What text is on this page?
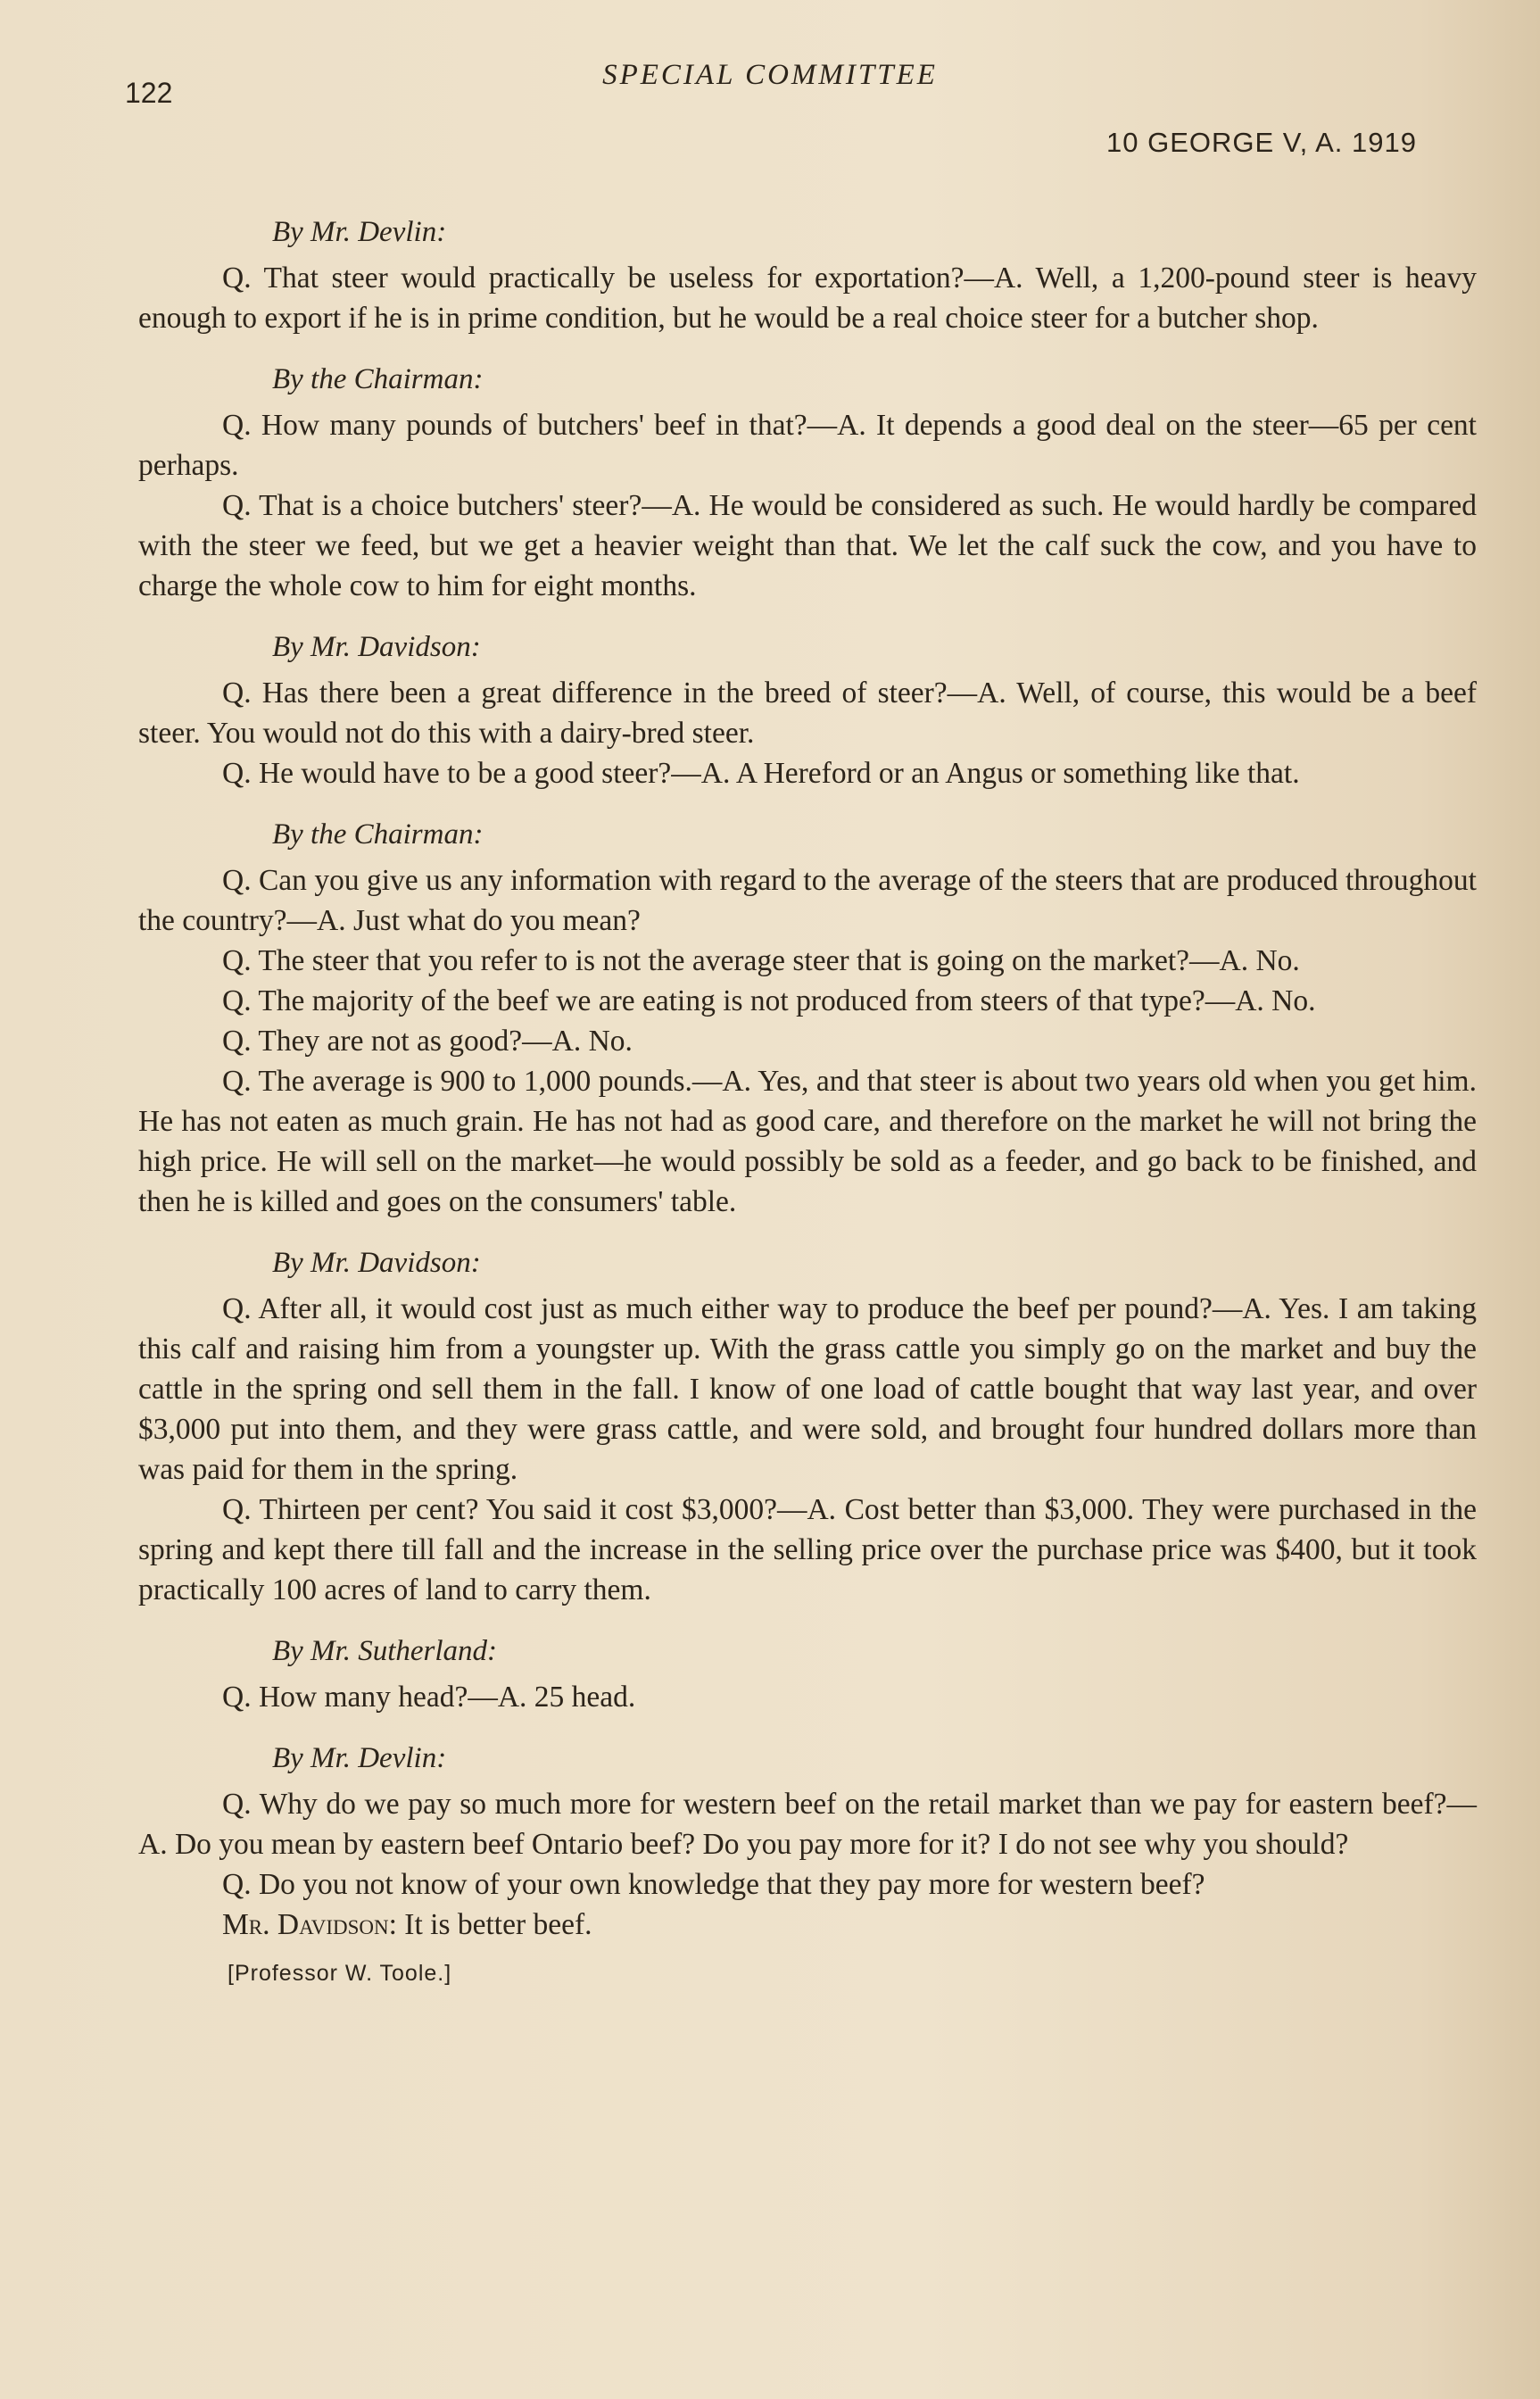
122
SPECIAL COMMITTEE
10 GEORGE V, A. 1919
By Mr. Devlin:

Q. That steer would practically be useless for exportation?—A. Well, a 1,200-pound steer is heavy enough to export if he is in prime condition, but he would be a real choice steer for a butcher shop.

By the Chairman:

Q. How many pounds of butchers' beef in that?—A. It depends a good deal on the steer—65 per cent perhaps.

Q. That is a choice butchers' steer?—A. He would be considered as such. He would hardly be compared with the steer we feed, but we get a heavier weight than that. We let the calf suck the cow, and you have to charge the whole cow to him for eight months.

By Mr. Davidson:

Q. Has there been a great difference in the breed of steer?—A. Well, of course, this would be a beef steer. You would not do this with a dairy-bred steer.

Q. He would have to be a good steer?—A. A Hereford or an Angus or something like that.

By the Chairman:

Q. Can you give us any information with regard to the average of the steers that are produced throughout the country?—A. Just what do you mean?

Q. The steer that you refer to is not the average steer that is going on the market?—A. No.

Q. The majority of the beef we are eating is not produced from steers of that type?—A. No.

Q. They are not as good?—A. No.

Q. The average is 900 to 1,000 pounds.—A. Yes, and that steer is about two years old when you get him. He has not eaten as much grain. He has not had as good care, and therefore on the market he will not bring the high price. He will sell on the market—he would possibly be sold as a feeder, and go back to be finished, and then he is killed and goes on the consumers' table.

By Mr. Davidson:

Q. After all, it would cost just as much either way to produce the beef per pound?—A. Yes. I am taking this calf and raising him from a youngster up. With the grass cattle you simply go on the market and buy the cattle in the spring ond sell them in the fall. I know of one load of cattle bought that way last year, and over $3,000 put into them, and they were grass cattle, and were sold, and brought four hundred dollars more than was paid for them in the spring.

Q. Thirteen per cent? You said it cost $3,000?—A. Cost better than $3,000. They were purchased in the spring and kept there till fall and the increase in the selling price over the purchase price was $400, but it took practically 100 acres of land to carry them.

By Mr. Sutherland:

Q. How many head?—A. 25 head.

By Mr. Devlin:

Q. Why do we pay so much more for western beef on the retail market than we pay for eastern beef?—A. Do you mean by eastern beef Ontario beef? Do you pay more for it? I do not see why you should?

Q. Do you not know of your own knowledge that they pay more for western beef?

Mr. Davidson: It is better beef.

[Professor W. Toole.]
